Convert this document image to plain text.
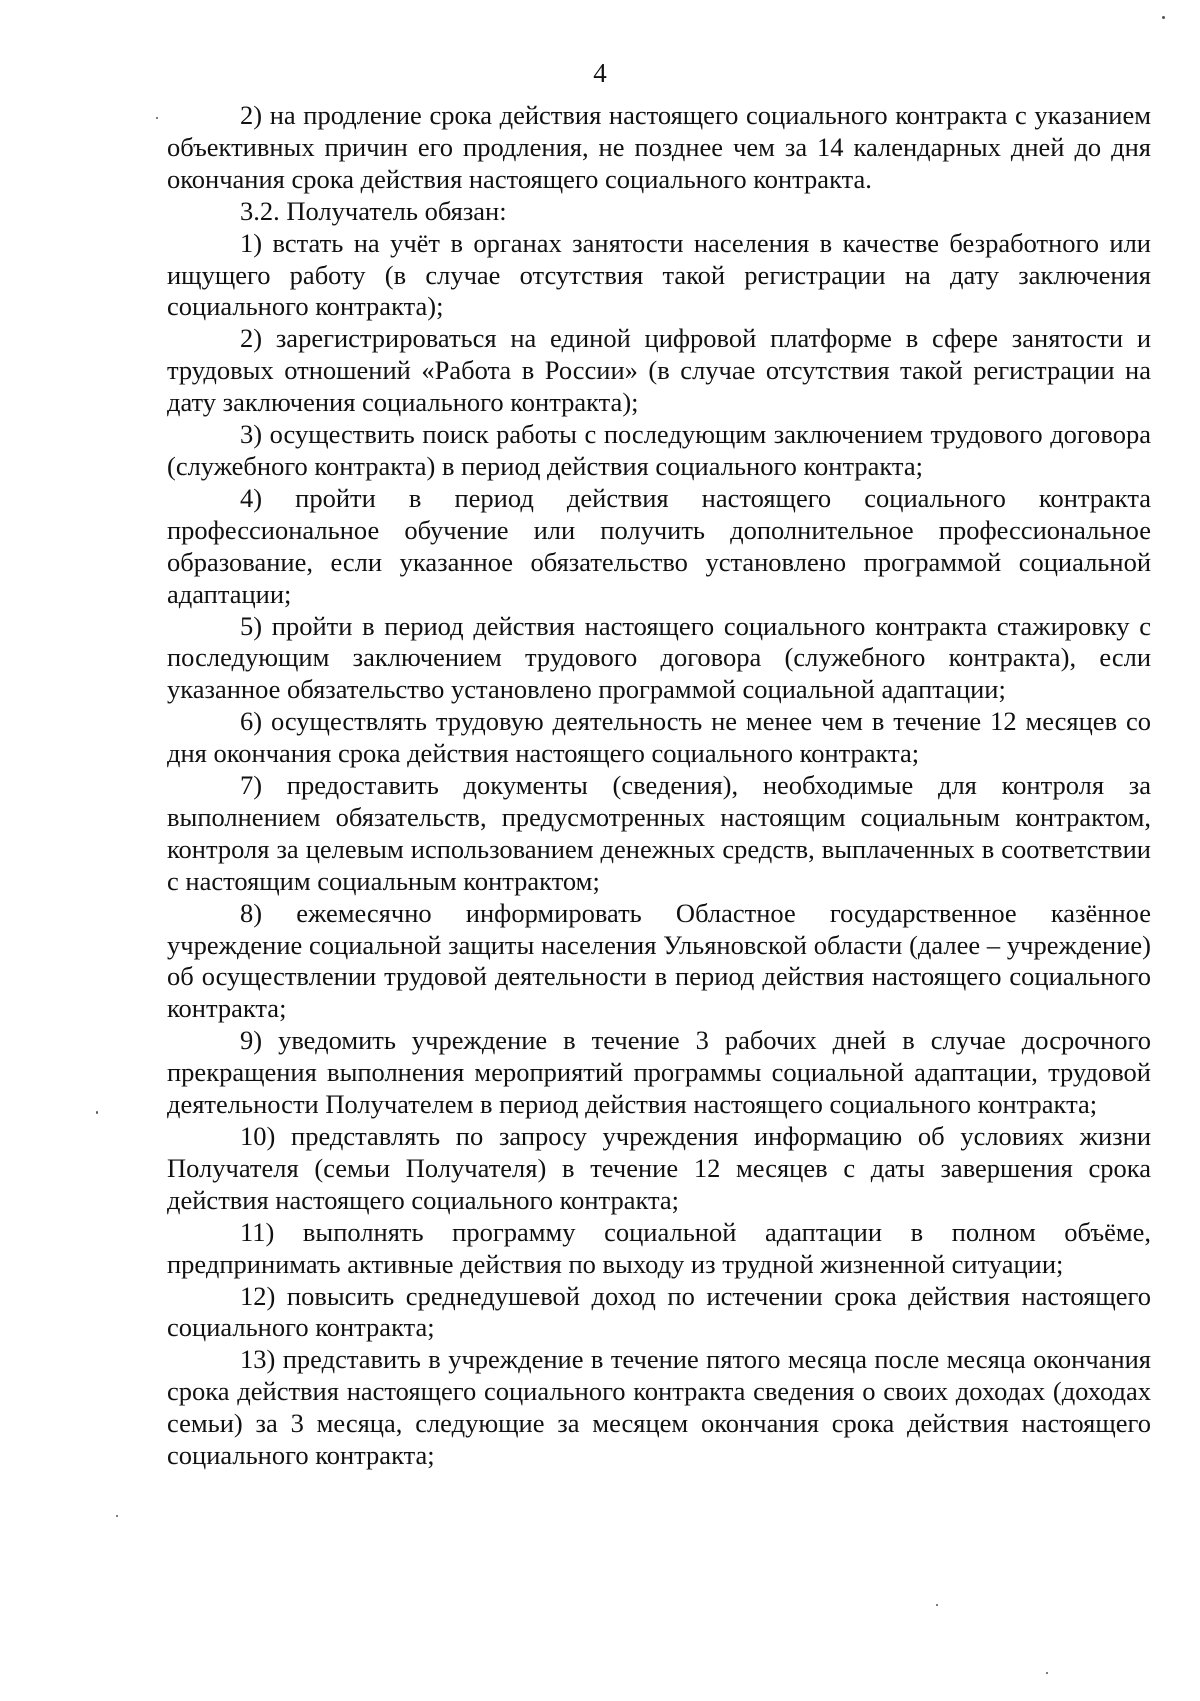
4

2) на продление срока действия настоящего социального контракта с указанием объективных причин его продления, не позднее чем за 14 календарных дней до дня окончания срока действия настоящего социального контракта.

3.2. Получатель обязан:

1) встать на учёт в органах занятости населения в качестве безработного или ищущего работу (в случае отсутствия такой регистрации на дату заключения социального контракта);

2) зарегистрироваться на единой цифровой платформе в сфере занятости и трудовых отношений «Работа в России» (в случае отсутствия такой регистрации на дату заключения социального контракта);

3) осуществить поиск работы с последующим заключением трудового договора (служебного контракта) в период действия социального контракта;

4) пройти в период действия настоящего социального контракта профессиональное обучение или получить дополнительное профессиональное образование, если указанное обязательство установлено программой социальной адаптации;

5) пройти в период действия настоящего социального контракта стажировку с последующим заключением трудового договора (служебного контракта), если указанное обязательство установлено программой социальной адаптации;

6) осуществлять трудовую деятельность не менее чем в течение 12 месяцев со дня окончания срока действия настоящего социального контракта;

7) предоставить документы (сведения), необходимые для контроля за выполнением обязательств, предусмотренных настоящим социальным контрактом, контроля за целевым использованием денежных средств, выплаченных в соответствии с настоящим социальным контрактом;

8) ежемесячно информировать Областное государственное казённое учреждение социальной защиты населения Ульяновской области (далее – учреждение) об осуществлении трудовой деятельности в период действия настоящего социального контракта;

9) уведомить учреждение в течение 3 рабочих дней в случае досрочного прекращения выполнения мероприятий программы социальной адаптации, трудовой деятельности Получателем в период действия настоящего социального контракта;

10) представлять по запросу учреждения информацию об условиях жизни Получателя (семьи Получателя) в течение 12 месяцев с даты завершения срока действия настоящего социального контракта;

11) выполнять программу социальной адаптации в полном объёме, предпринимать активные действия по выходу из трудной жизненной ситуации;

12) повысить среднедушевой доход по истечении срока действия настоящего социального контракта;

13) представить в учреждение в течение пятого месяца после месяца окончания срока действия настоящего социального контракта сведения о своих доходах (доходах семьи) за 3 месяца, следующие за месяцем окончания срока действия настоящего социального контракта;
